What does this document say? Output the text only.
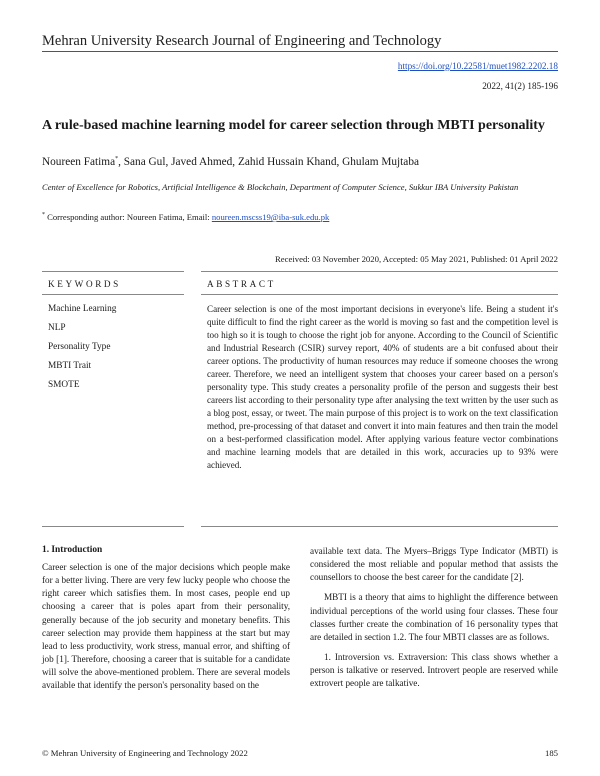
Mehran University Research Journal of Engineering and Technology
https://doi.org/10.22581/muet1982.2202.18
2022, 41(2) 185-196
A rule-based machine learning model for career selection through MBTI personality
Noureen Fatima*, Sana Gul, Javed Ahmed, Zahid Hussain Khand, Ghulam Mujtaba
Center of Excellence for Robotics, Artificial Intelligence & Blockchain, Department of Computer Science, Sukkur IBA University Pakistan
* Corresponding author: Noureen Fatima, Email: noureen.mscss19@iba-suk.edu.pk
Received: 03 November 2020, Accepted: 05 May 2021, Published: 01 April 2022
KEYWORDS	ABSTRACT
Machine Learning
NLP
Personality Type
MBTI Trait
SMOTE

Career selection is one of the most important decisions in everyone's life. Being a student it's quite difficult to find the right career as the world is moving so fast and the competition level is too high so it is tough to choose the right job for anyone. According to the Council of Scientific and Industrial Research (CSIR) survey report, 40% of students are a bit confused about their career options. The productivity of human resources may reduce if someone chooses the wrong career. Therefore, we need an intelligent system that chooses your career based on a person's personality type. This study creates a personality profile of the person and suggests their best careers list according to their personality type after analysing the text written by the user such as a blog post, essay, or tweet. The main purpose of this project is to work on the text classification method, pre-processing of that dataset and convert it into main features and then train the model on a best-performed classification model. After applying various feature vector combinations and machine learning models that are detailed in this work, accuracies up to 93% were achieved.

1. Introduction

Career selection is one of the major decisions which people make for a better living. There are very few lucky people who choose the right career which satisfies them. In most cases, people end up choosing a career that is poles apart from their personality, generally because of the job security and monetary benefits. This career selection may provide them happiness at the start but may lead to less productivity, work stress, manual error, and shifting of job [1]. Therefore, choosing a career that is suitable for a candidate will solve the above-mentioned problem. There are several models available that identify the person's personality based on the

available text data. The Myers–Briggs Type Indicator (MBTI) is considered the most reliable and popular method that assists the counsellors to choose the best career for the candidate [2].

MBTI is a theory that aims to highlight the difference between individual perceptions of the world using four classes. These four classes further create the combination of 16 personality types that are detailed in section 1.2. The four MBTI classes are as follows.

1. Introversion vs. Extraversion: This class shows whether a person is talkative or reserved. Introvert people are reserved while extrovert people are talkative.

© Mehran University of Engineering and Technology 2022	185
